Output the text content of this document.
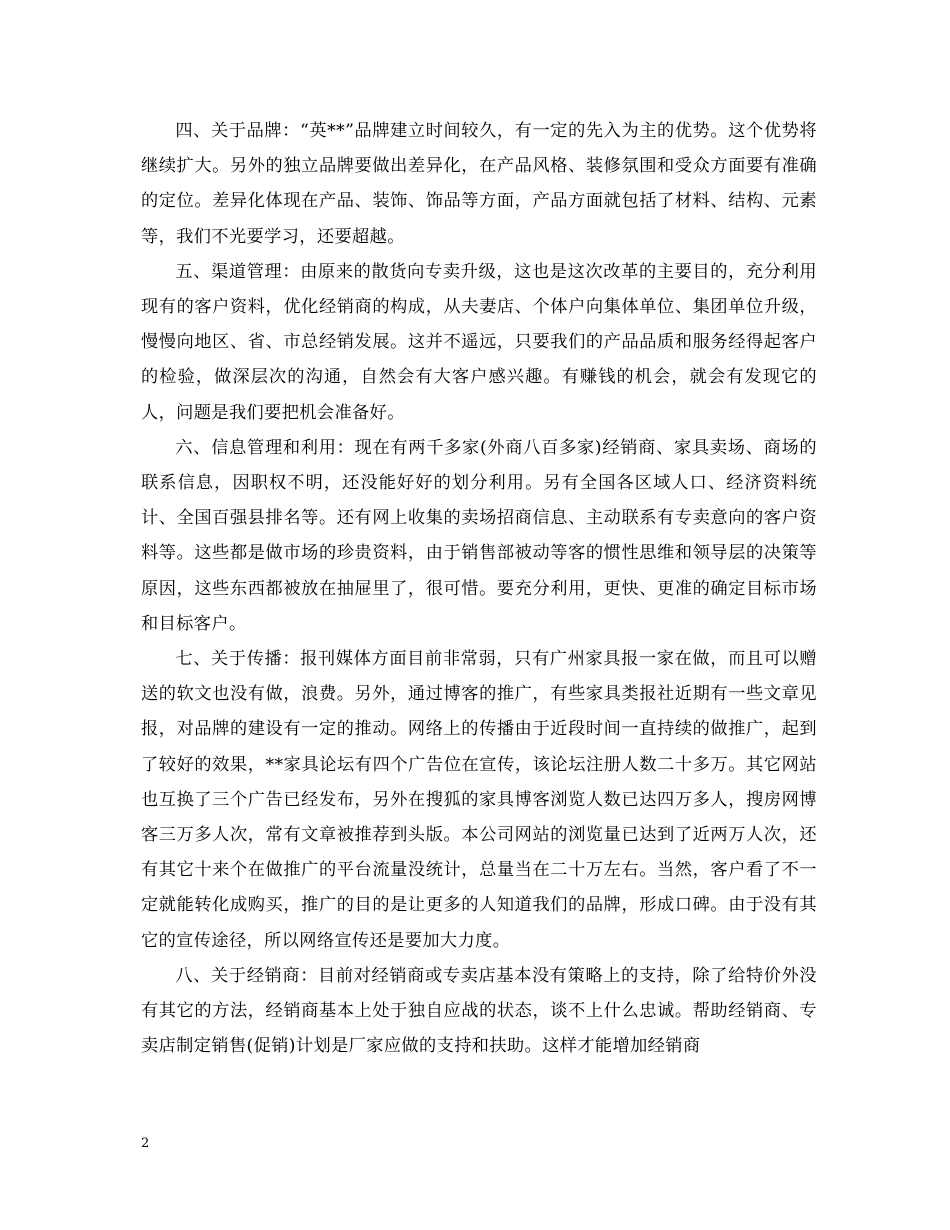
四、关于品牌：“英**”品牌建立时间较久，有一定的先入为主的优势。这个优势将继续扩大。另外的独立品牌要做出差异化，在产品风格、装修氛围和受众方面要有准确的定位。差异化体现在产品、装饰、饰品等方面，产品方面就包括了材料、结构、元素等，我们不光要学习，还要超越。

五、渠道管理：由原来的散货向专卖升级，这也是这次改革的主要目的，充分利用现有的客户资料，优化经销商的构成，从夫妻店、个体户向集体单位、集团单位升级，慢慢向地区、省、市总经销发展。这并不遥远，只要我们的产品品质和服务经得起客户的检验，做深层次的沟通，自然会有大客户感兴趣。有赚钱的机会，就会有发现它的人，问题是我们要把机会准备好。

六、信息管理和利用：现在有两千多家(外商八百多家)经销商、家具卖场、商场的联系信息，因职权不明，还没能好好的划分利用。另有全国各区域人口、经济资料统计、全国百强县排名等。还有网上收集的卖场招商信息、主动联系有专卖意向的客户资料等。这些都是做市场的珍贵资料，由于销售部被动等客的惯性思维和领导层的决策等原因，这些东西都被放在抽屉里了，很可惜。要充分利用，更快、更准的确定目标市场和目标客户。

七、关于传播：报刊媒体方面目前非常弱，只有广州家具报一家在做，而且可以赠送的软文也没有做，浪费。另外，通过博客的推广，有些家具类报社近期有一些文章见报，对品牌的建设有一定的推动。网络上的传播由于近段时间一直持续的做推广，起到了较好的效果，**家具论坛有四个广告位在宣传，该论坛注册人数二十多万。其它网站也互换了三个广告已经发布，另外在搜狐的家具博客浏览人数已达四万多人，搜房网博客三万多人次，常有文章被推荐到头版。本公司网站的浏览量已达到了近两万人次，还有其它十来个在做推广的平台流量没统计，总量当在二十万左右。当然，客户看了不一定就能转化成购买，推广的目的是让更多的人知道我们的品牌，形成口碑。由于没有其它的宣传途径，所以网络宣传还是要加大力度。

八、关于经销商：目前对经销商或专卖店基本没有策略上的支持，除了给特价外没有其它的方法，经销商基本上处于独自应战的状态，谈不上什么忠诚。帮助经销商、专卖店制定销售(促销)计划是厂家应做的支持和扶助。这样才能增加经销商

2
